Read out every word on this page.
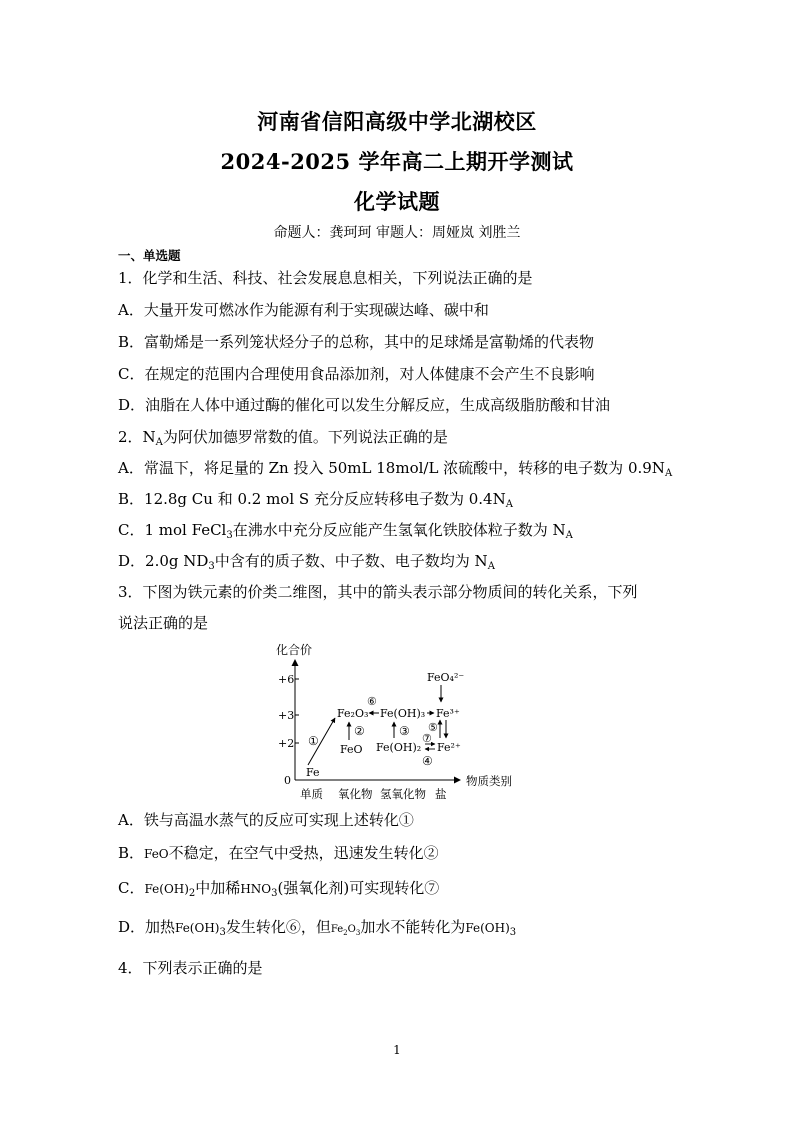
河南省信阳高级中学北湖校区
2024-2025 学年高二上期开学测试
化学试题
命题人：龚珂珂 审题人：周娅岚 刘胜兰
一、单选题
1．化学和生活、科技、社会发展息息相关，下列说法正确的是
A．大量开发可燃冰作为能源有利于实现碳达峰、碳中和
B．富勒烯是一系列笼状烃分子的总称，其中的足球烯是富勒烯的代表物
C．在规定的范围内合理使用食品添加剂，对人体健康不会产生不良影响
D．油脂在人体中通过酶的催化可以发生分解反应，生成高级脂肪酸和甘油
2．$N_A$为阿伏加德罗常数的值。下列说法正确的是
A．常温下，将足量的 Zn 投入 50mL 18mol/L 浓硫酸中，转移的电子数为 $0.9N_A$
B．12.8g Cu 和 0.2 mol S 充分反应转移电子数为 $0.4N_A$
C．1 mol FeCl$_3$在沸水中充分反应能产生氢氧化铁胶体粒子数为 $N_A$
D．2.0g $ND_3$中含有的质子数、中子数、电子数均为 $N_A$
3．下图为铁元素的价类二维图，其中的箭头表示部分物质间的转化关系，下列
说法正确的是
化合价
物质类别
+6
+3
+2
0
单质 氧化物 氢氧化物 盐
Fe
FeO
Fe₂O₃ Fe(OH)₃
Fe(OH)₂
Fe³⁺
Fe²⁺
FeO₄²⁻
①
②	③
⑥
⑤
⑦
④
A．铁与高温水蒸气的反应可实现上述转化①
B．FeO不稳定，在空气中受热，迅速发生转化②
C．$Fe(OH)_2$中加稀$HNO_3$(强氧化剂)可实现转化⑦
D．加热$Fe(OH)_3$发生转化⑥，但$Fe_2O_3$加水不能转化为$Fe(OH)_3$
4．下列表示正确的是
1
